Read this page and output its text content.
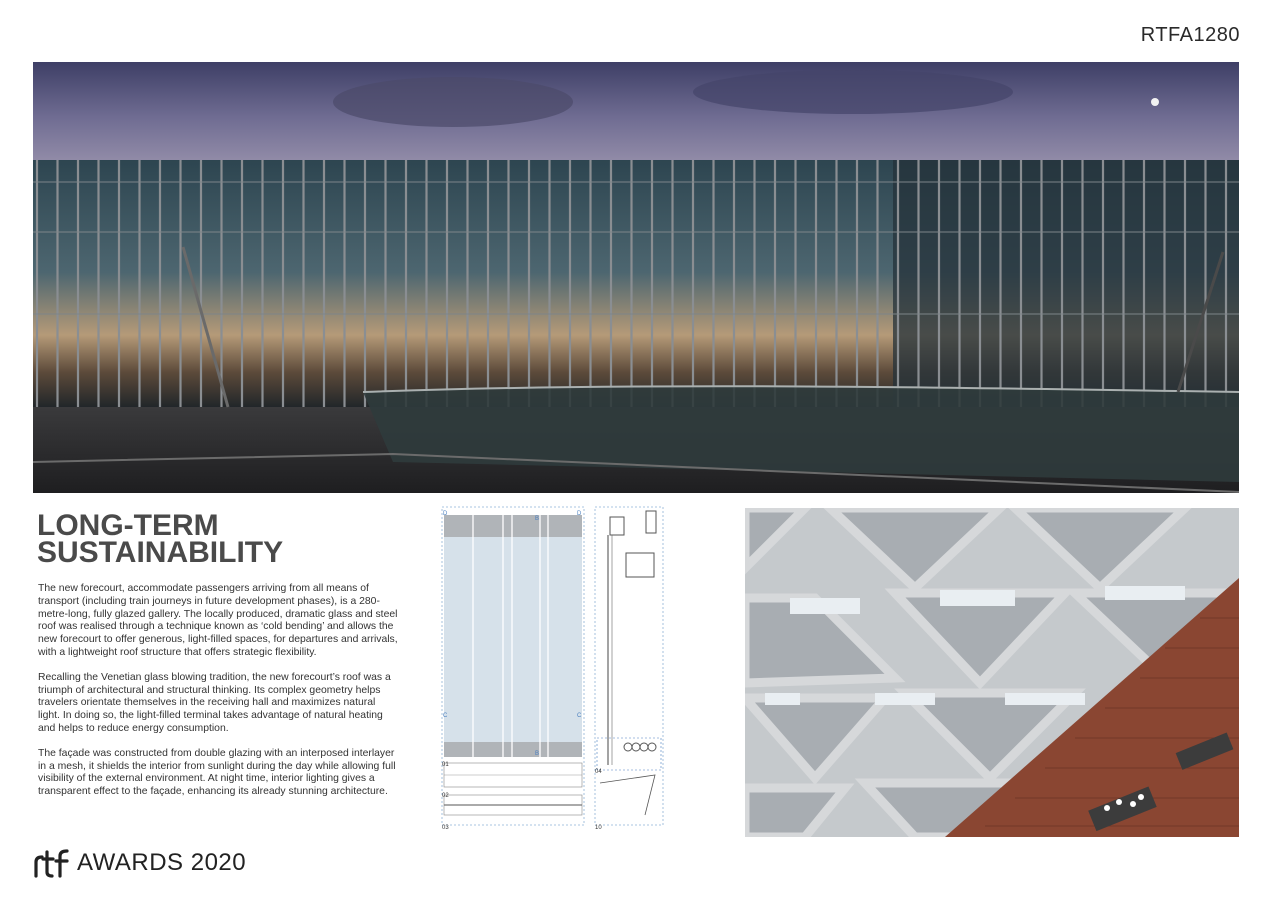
RTFA1280
LONG-TERM
SUSTAINABILITY

The new forecourt, accommodate passengers arriving from all means of transport (including train journeys in future development phases), is a 280-metre-long, fully glazed gallery. The locally produced, dramatic glass and steel roof was realised through a technique known as ‘cold bending’ and allows the new forecourt to offer generous, light-filled spaces, for departures and arrivals, with a lightweight roof structure that offers strategic flexibility.

Recalling the Venetian glass blowing tradition, the new forecourt’s roof was a triumph of architectural and structural thinking. Its complex geometry helps travelers orientate themselves in the receiving hall and maximizes natural light. In doing so, the light-filled terminal takes advantage of natural heating and helps to reduce energy consumption.

The façade was constructed from double glazing with an interposed interlayer in a mesh, it shields the interior from sunlight during the day while allowing full visibility of the external environment. At night time, interior lighting gives a transparent effect to the façade, enhancing its already stunning architecture.

D	D
B
C	C
B
01
02
03
04
10
AWARDS 2020
